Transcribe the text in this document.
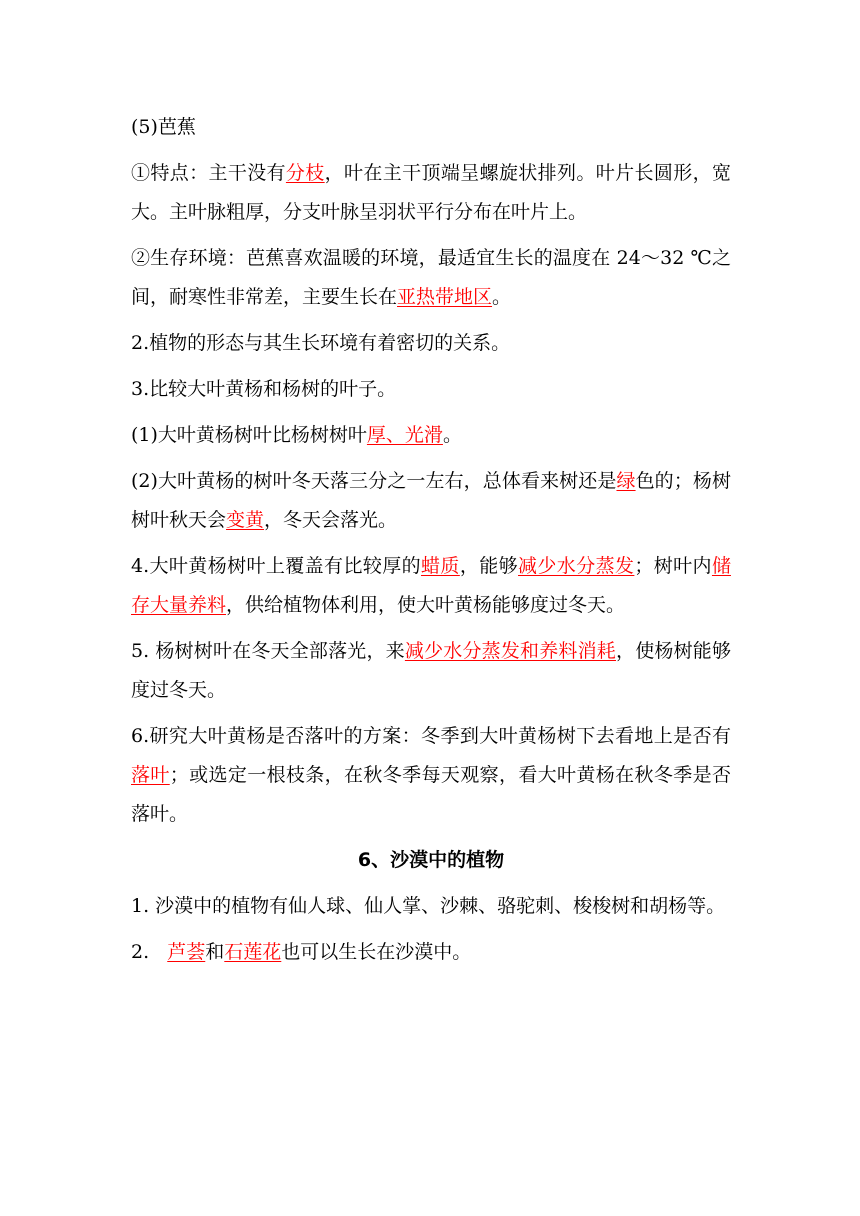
(5)芭蕉

①特点：主干没有分枝，叶在主干顶端呈螺旋状排列。叶片长圆形，宽大。主叶脉粗厚，分支叶脉呈羽状平行分布在叶片上。

②生存环境：芭蕉喜欢温暖的环境，最适宜生长的温度在 24～32 ℃之间，耐寒性非常差，主要生长在亚热带地区。

2.植物的形态与其生长环境有着密切的关系。

3.比较大叶黄杨和杨树的叶子。

(1)大叶黄杨树叶比杨树树叶厚、光滑。

(2)大叶黄杨的树叶冬天落三分之一左右，总体看来树还是绿色的；杨树树叶秋天会变黄，冬天会落光。

4.大叶黄杨树叶上覆盖有比较厚的蜡质，能够减少水分蒸发；树叶内储存大量养料，供给植物体利用，使大叶黄杨能够度过冬天。

5. 杨树树叶在冬天全部落光，来减少水分蒸发和养料消耗，使杨树能够度过冬天。

6.研究大叶黄杨是否落叶的方案：冬季到大叶黄杨树下去看地上是否有落叶；或选定一根枝条，在秋冬季每天观察，看大叶黄杨在秋冬季是否落叶。

6、沙漠中的植物

1. 沙漠中的植物有仙人球、仙人掌、沙棘、骆驼刺、梭梭树和胡杨等。

2.   芦荟和石莲花也可以生长在沙漠中。
